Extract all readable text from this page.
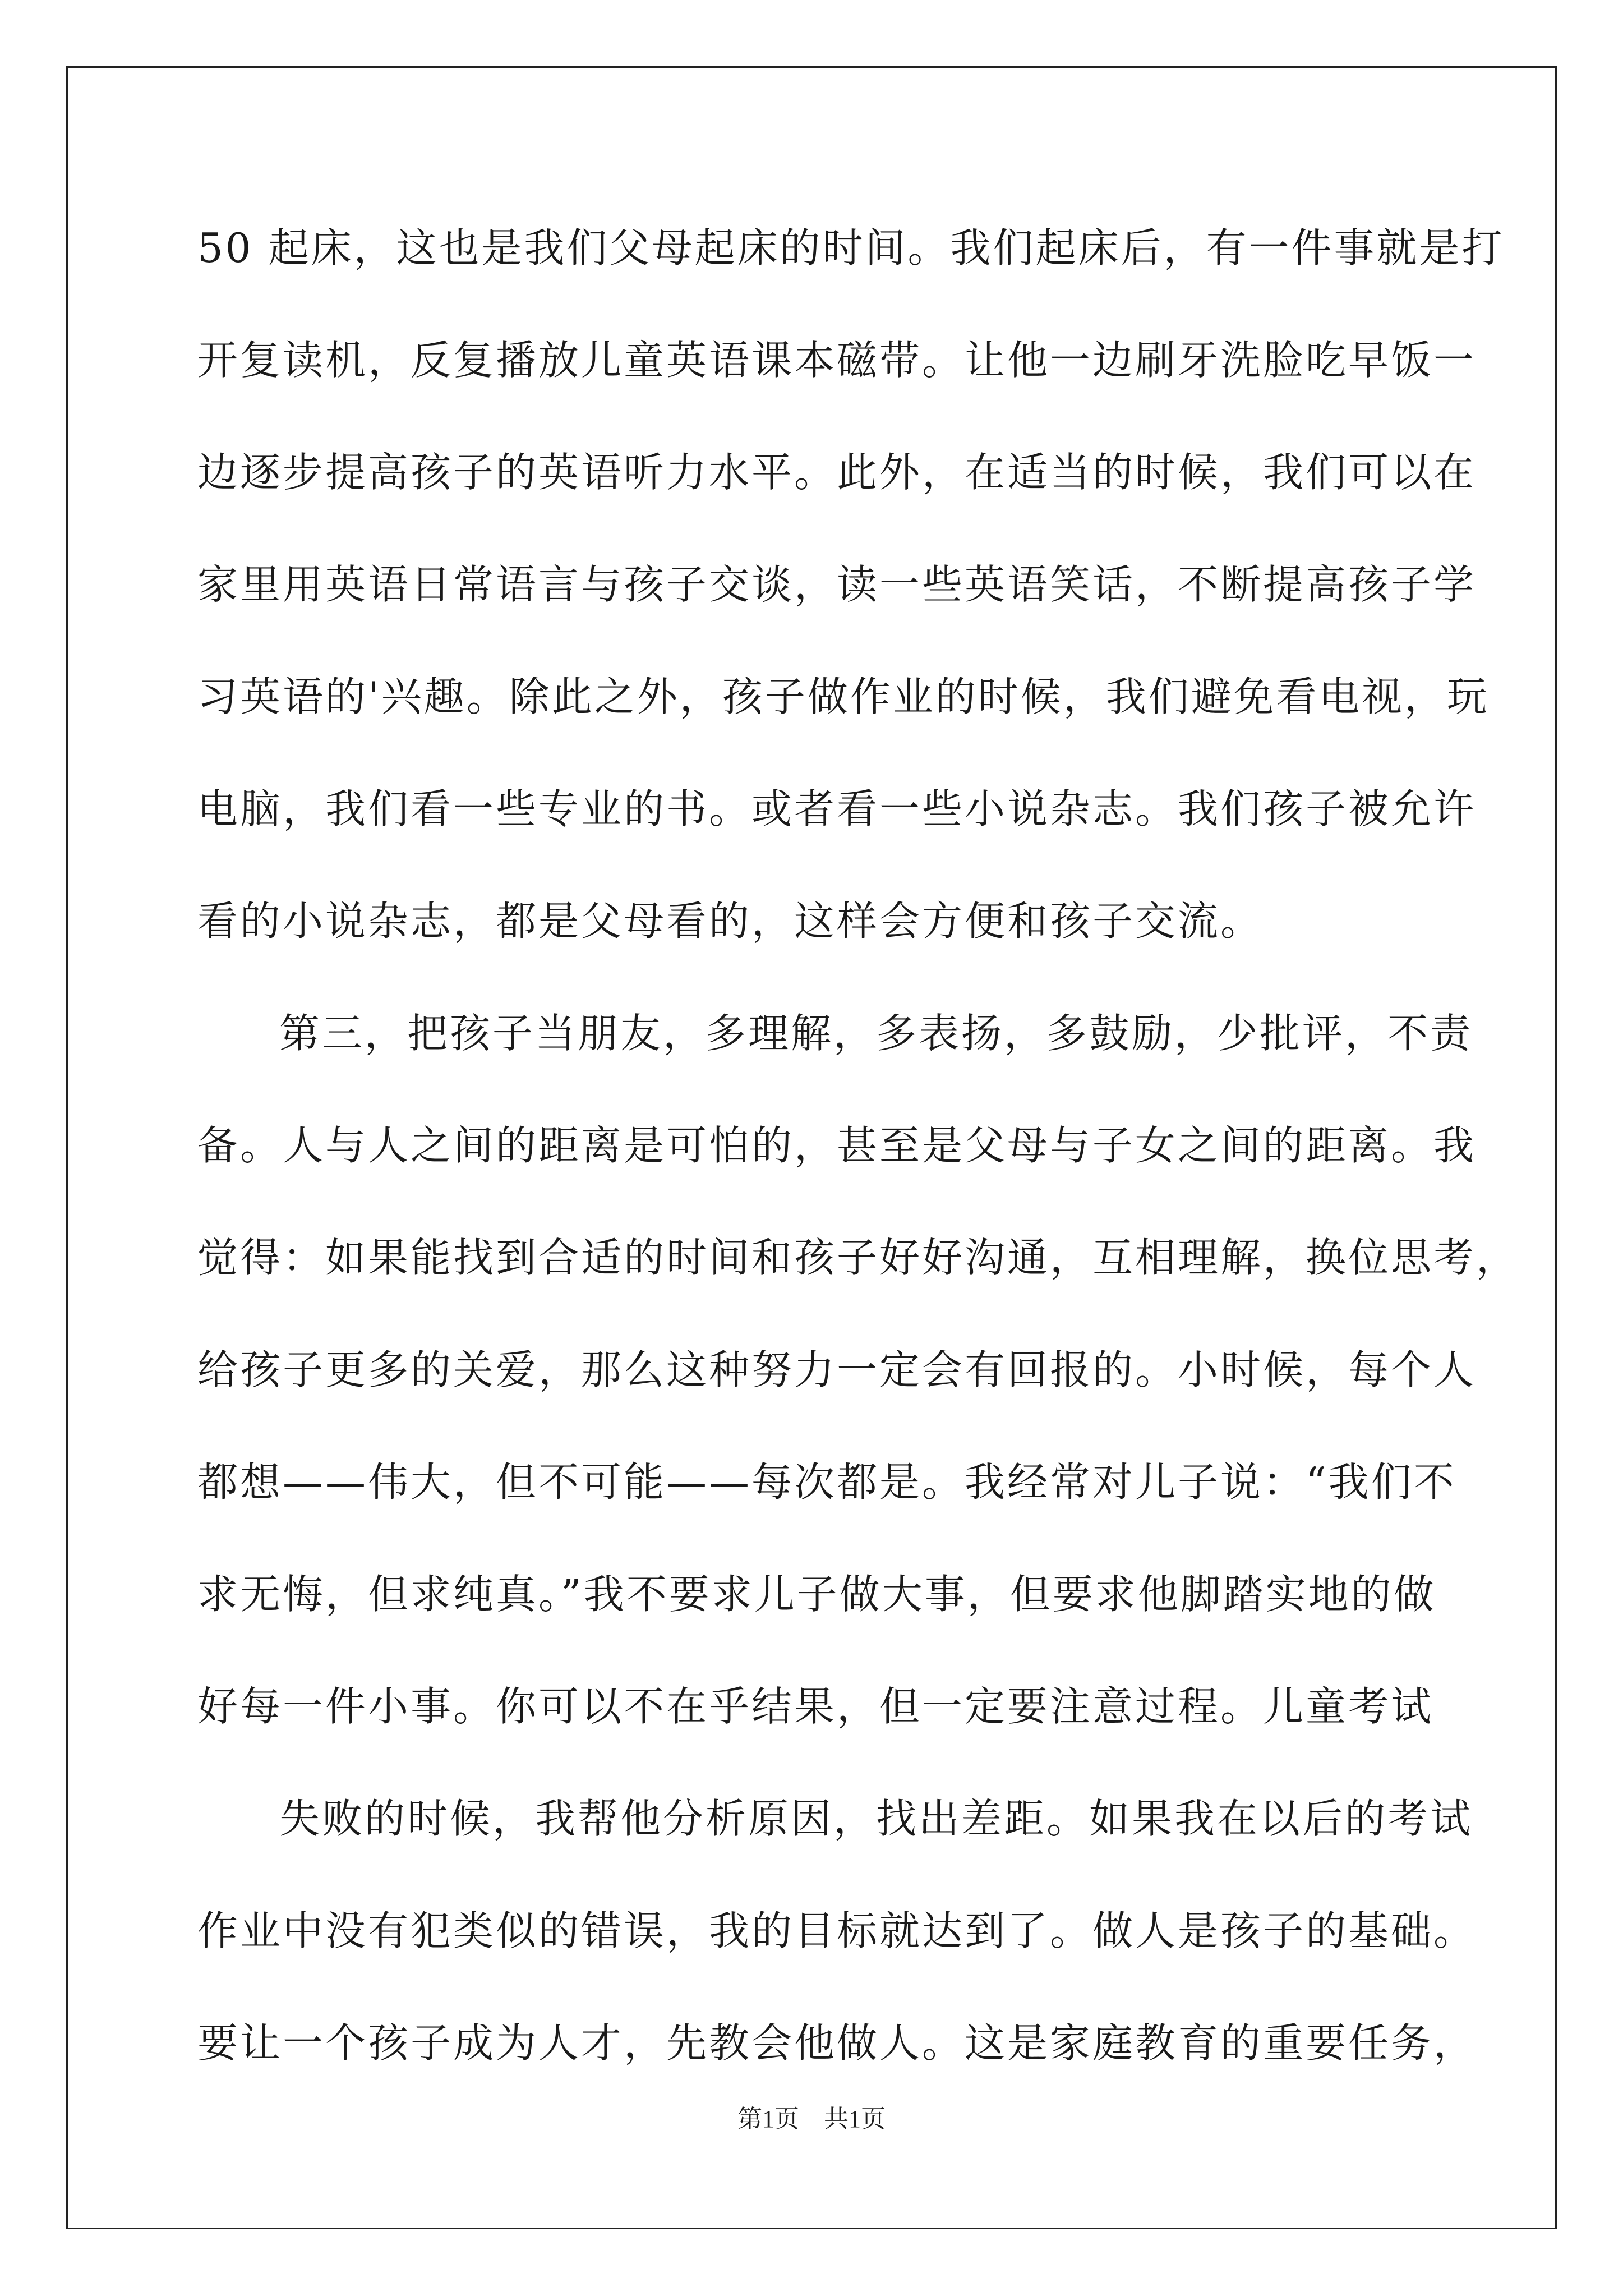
50 起床，这也是我们父母起床的时间。我们起床后，有一件事就是打
开复读机，反复播放儿童英语课本磁带。让他一边刷牙洗脸吃早饭一
边逐步提高孩子的英语听力水平。此外，在适当的时候，我们可以在
家里用英语日常语言与孩子交谈，读一些英语笑话，不断提高孩子学
习英语的'兴趣。除此之外，孩子做作业的时候，我们避免看电视，玩
电脑，我们看一些专业的书。或者看一些小说杂志。我们孩子被允许
看的小说杂志，都是父母看的，这样会方便和孩子交流。
第三，把孩子当朋友，多理解，多表扬，多鼓励，少批评，不责
备。人与人之间的距离是可怕的，甚至是父母与子女之间的距离。我
觉得：如果能找到合适的时间和孩子好好沟通，互相理解，换位思考，
给孩子更多的关爱，那么这种努力一定会有回报的。小时候，每个人
都想——伟大，但不可能——每次都是。我经常对儿子说：“我们不
求无悔，但求纯真。”我不要求儿子做大事，但要求他脚踏实地的做
好每一件小事。你可以不在乎结果，但一定要注意过程。儿童考试
失败的时候，我帮他分析原因，找出差距。如果我在以后的考试
作业中没有犯类似的错误，我的目标就达到了。做人是孩子的基础。
要让一个孩子成为人才，先教会他做人。这是家庭教育的重要任务，
第1页　共1页
